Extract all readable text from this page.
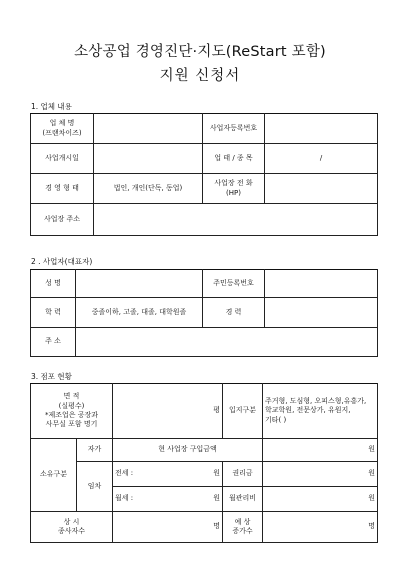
소상공업 경영진단·지도(ReStart 포함)
지원 신청서
1. 업체 내용
업 체 명
(프랜차이즈)		사업자등록번호	
사업개시일		업 태 / 종 목	/
경 영 형 태	법인, 개인(단독, 동업)	사업장 전 화
(HP)	
사업장 주소			
2 . 사업자(대표자)
성 명		주민등록번호	
학 력	중졸이하, 고졸, 대졸, 대학원졸	경 력	
주 소			
3. 점포 현황
면 적
(실평수)
*제조업은 공장과
사무실 포함 명기		평		입지구분	주거형, 도심형, 오피스형,유흥가,
학교학원, 전문상가, 유원지,
기타( )
소유구분	자가	현 사업장 구입금액			원
	임차	전세 :	원	권리금	원
		월세 :	원	월관리비	원
상 시
종사자수		명		예 상
증가수	명
